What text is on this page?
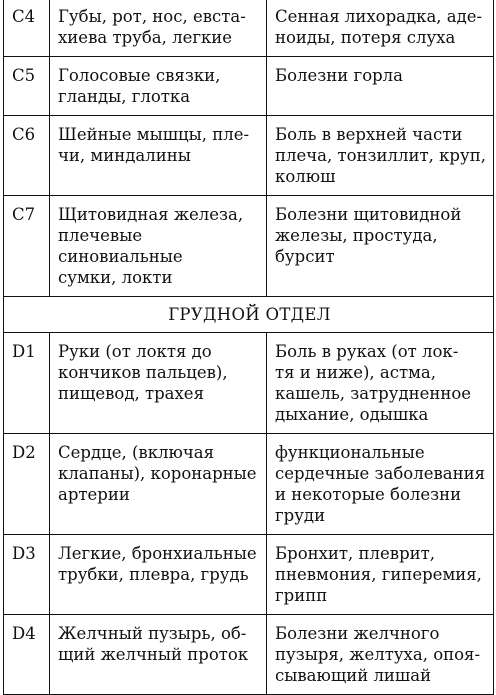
C4	Губы, рот, нос, евста-
хиева труба, легкие	Сенная лихорадка, аде-
ноиды, потеря слуха
C5	Голосовые связки,
гланды, глотка	Болезни горла
C6	Шейные мышцы, пле-
чи, миндалины	Боль в верхней части
плеча, тонзиллит, круп,
колюш
C7	Щитовидная железа,
плечевые синовиальные
сумки, локти	Болезни щитовидной
железы, простуда,
бурсит
ГРУДНОЙ ОТДЕЛ		
D1	Руки (от локтя до
кончиков пальцев),
пищевод, трахея	Боль в руках (от лок-
тя и ниже), астма,
кашель, затрудненное
дыхание, одышка
D2	Сердце, (включая
клапаны), коронарные
артерии	функциональные
сердечные заболевания
и некоторые болезни
груди
D3	Легкие, бронхиальные
трубки, плевра, грудь	Бронхит, плеврит,
пневмония, гиперемия,
грипп
D4	Желчный пузырь, об-
щий желчный проток	Болезни желчного
пузыря, желтуха, опоя-
сывающий лишай
